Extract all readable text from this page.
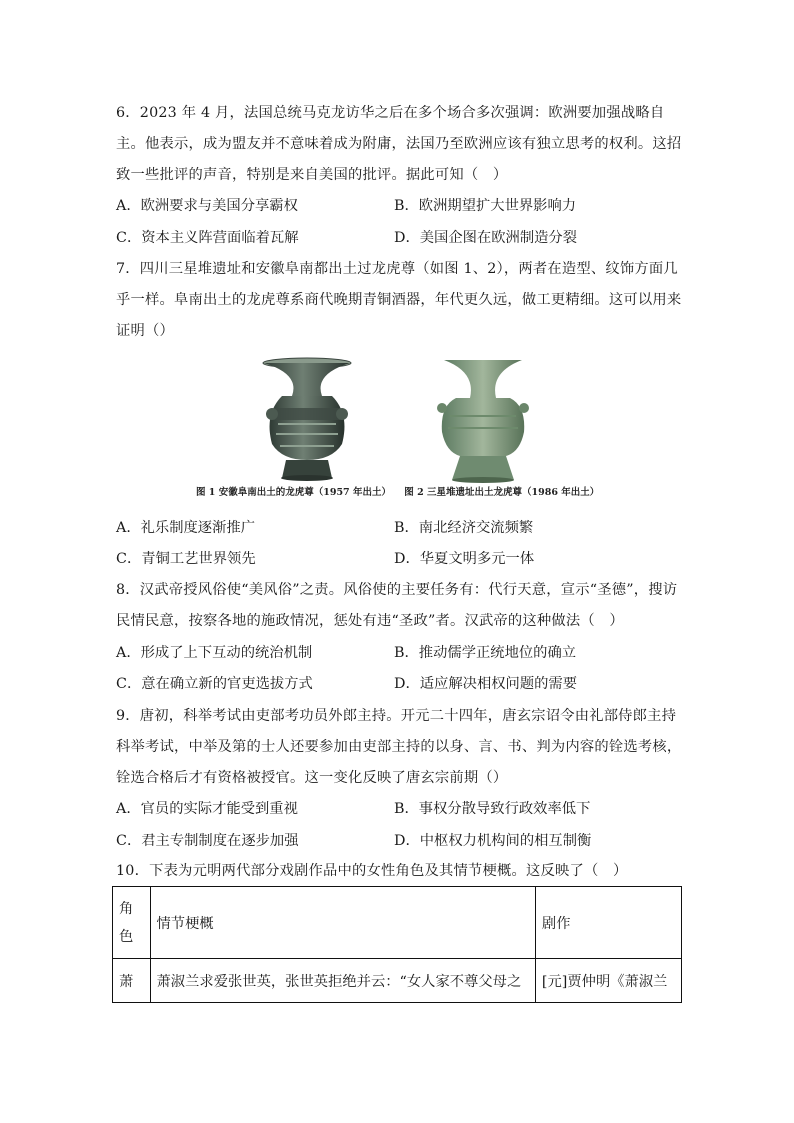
6．2023 年 4 月，法国总统马克龙访华之后在多个场合多次强调：欧洲要加强战略自主。他表示，成为盟友并不意味着成为附庸，法国乃至欧洲应该有独立思考的权利。这招致一些批评的声音，特别是来自美国的批评。据此可知（　）

A．欧洲要求与美国分享霸权	B．欧洲期望扩大世界影响力
C．资本主义阵营面临着瓦解	D．美国企图在欧洲制造分裂

7．四川三星堆遗址和安徽阜南都出土过龙虎尊（如图 1、2），两者在造型、纹饰方面几乎一样。阜南出土的龙虎尊系商代晚期青铜酒器，年代更久远，做工更精细。这可以用来证明（）

图 1 安徽阜南出土的龙虎尊（1957 年出土） 图 2 三星堆遗址出土龙虎尊（1986 年出土）
A．礼乐制度逐渐推广	B．南北经济交流频繁
C．青铜工艺世界领先	D．华夏文明多元一体

8．汉武帝授风俗使“美风俗”之责。风俗使的主要任务有：代行天意，宣示“圣德”，搜访民情民意，按察各地的施政情况，惩处有违“圣政”者。汉武帝的这种做法（　）

A．形成了上下互动的统治机制	B．推动儒学正统地位的确立
C．意在确立新的官吏选拔方式	D．适应解决相权问题的需要

9．唐初，科举考试由吏部考功员外郎主持。开元二十四年，唐玄宗诏令由礼部侍郎主持科举考试，中举及第的士人还要参加由吏部主持的以身、言、书、判为内容的铨选考核，铨选合格后才有资格被授官。这一变化反映了唐玄宗前期（）

A．官员的实际才能受到重视	B．事权分散导致行政效率低下
C．君主专制制度在逐步加强	D．中枢权力机构间的相互制衡

10．下表为元明两代部分戏剧作品中的女性角色及其情节梗概。这反映了（　）

角色	情节梗概	剧作
萧	萧淑兰求爱张世英，张世英拒绝并云：“女人家不尊父母之	[元]贾仲明《萧淑兰
